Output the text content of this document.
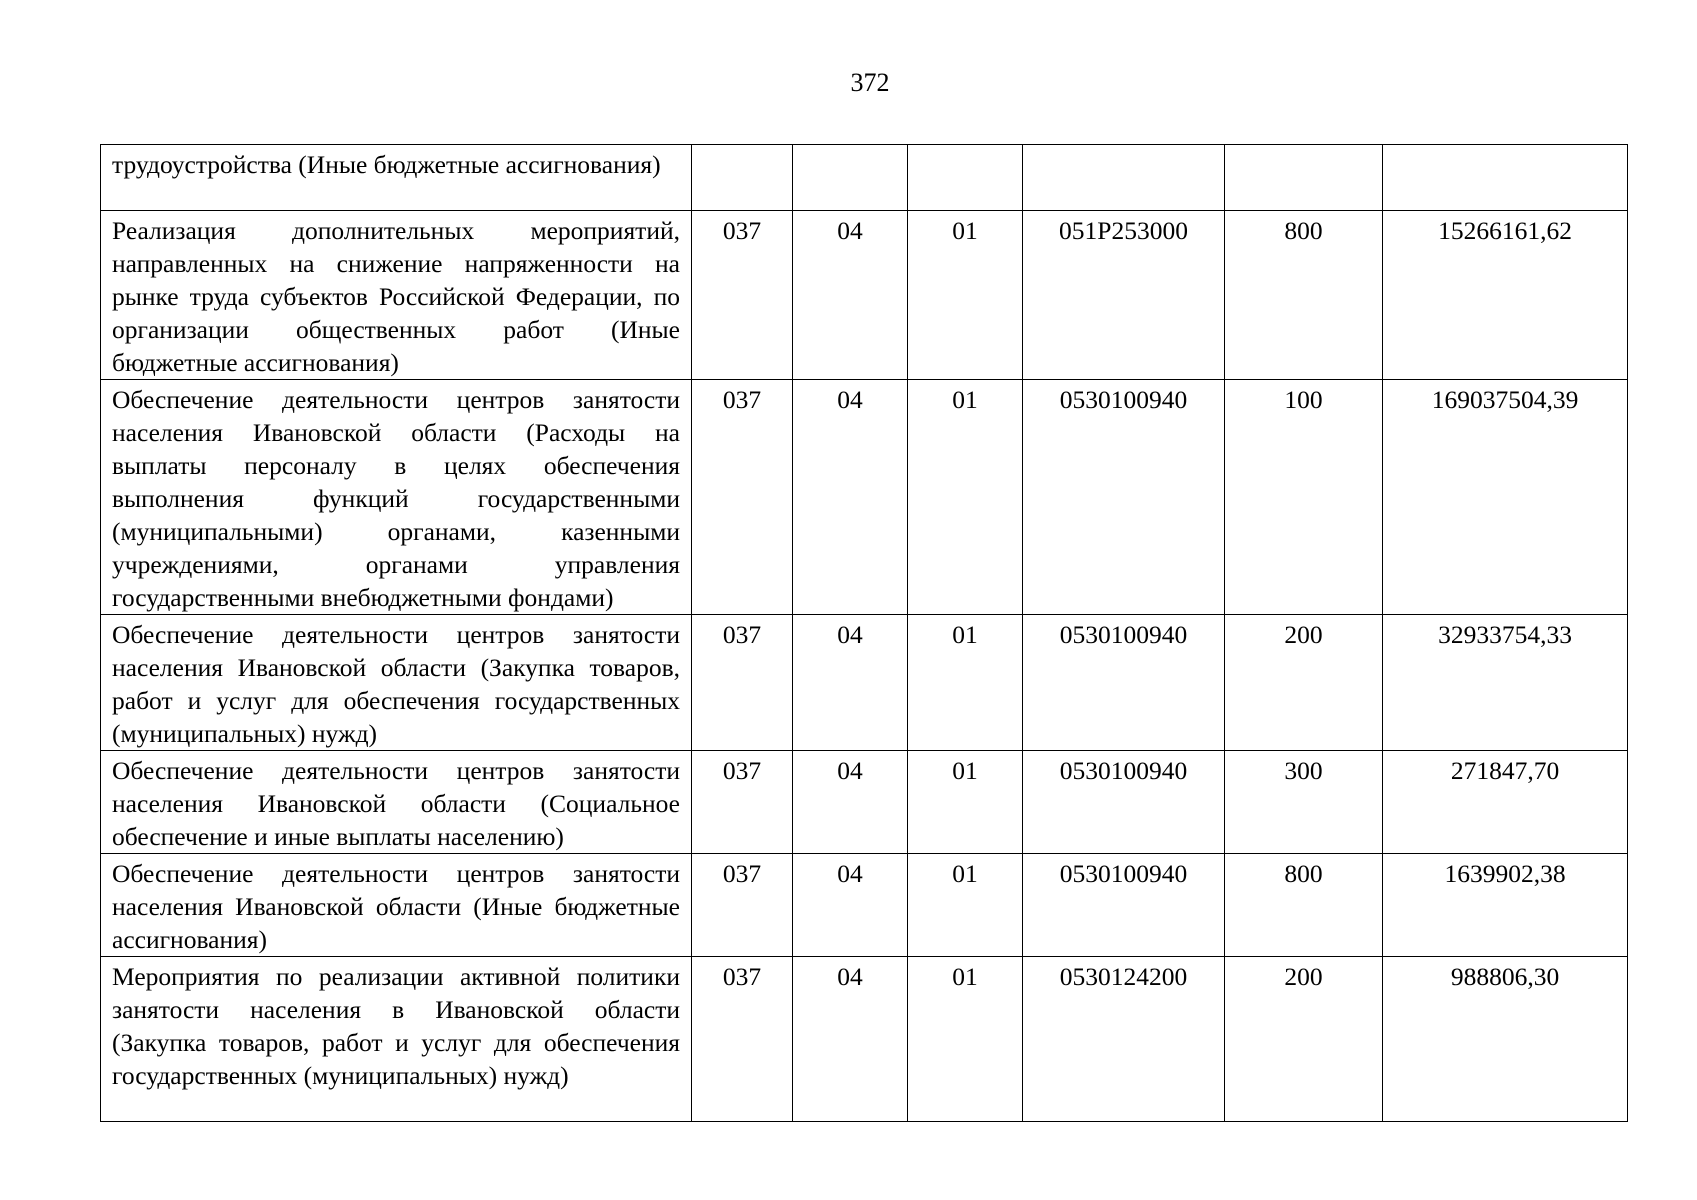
372
трудоустройства (Иные бюджетные ассигнования)						

Реализация дополнительных мероприятий, направленных на снижение напряженности на рынке труда субъектов Российской Федерации, по организации общественных работ (Иные бюджетные ассигнования)	037	04	01	051P253000	800	15266161,62

Обеспечение деятельности центров занятости населения Ивановской области (Расходы на выплаты персоналу в целях обеспечения выполнения функций государственными (муниципальными) органами, казенными учреждениями, органами управления государственными внебюджетными фондами)	037	04	01	0530100940	100	169037504,39

Обеспечение деятельности центров занятости населения Ивановской области (Закупка товаров, работ и услуг для обеспечения государственных (муниципальных) нужд)	037	04	01	0530100940	200	32933754,33

Обеспечение деятельности центров занятости населения Ивановской области (Социальное обеспечение и иные выплаты населению)	037	04	01	0530100940	300	271847,70

Обеспечение деятельности центров занятости населения Ивановской области (Иные бюджетные ассигнования)	037	04	01	0530100940	800	1639902,38

Мероприятия по реализации активной политики занятости населения в Ивановской области (Закупка товаров, работ и услуг для обеспечения государственных (муниципальных) нужд)	037	04	01	0530124200	200	988806,30
